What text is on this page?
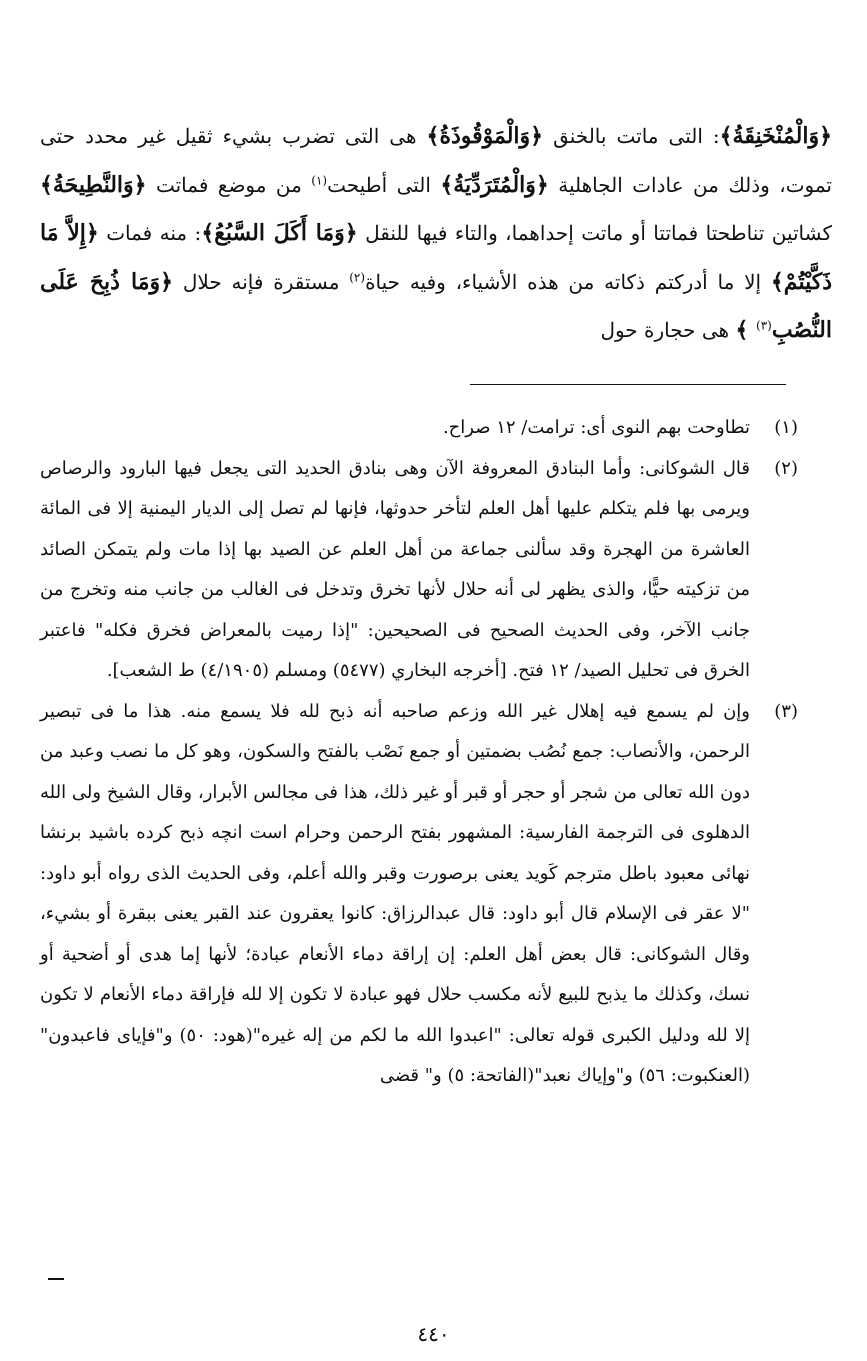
﴿وَالْمُنْخَنِقَةُ﴾: التى ماتت بالخنق ﴿وَالْمَوْقُوذَةُ﴾ هى التى تضرب بشيء ثقيل غير محدد حتى تموت، وذلك من عادات الجاهلية ﴿وَالْمُتَرَدِّيَةُ﴾ التى أطيحت$^{(١)}$ من موضع فماتت ﴿وَالنَّطِيحَةُ﴾ كشاتين تناطحتا فماتتا أو ماتت إحداهما، والتاء فيها للنقل ﴿وَمَا أَكَلَ السَّبُعُ﴾: منه فمات ﴿إِلاَّ مَا ذَكَّيْتُمْ﴾ إلا ما أدركتم ذكاته من هذه الأشياء، وفيه حياة$^{(٢)}$ مستقرة فإنه حلال ﴿وَمَا ذُبِحَ عَلَى النُّصُبِ$^{(٣)}$ ﴾ هى حجارة حول

(١)
تطاوحت بهم النوى أى: ترامت/ ١٢ صراح.
(٢)
قال الشوكانى: وأما البنادق المعروفة الآن وهى بنادق الحديد التى يجعل فيها البارود والرصاص ويرمى بها فلم يتكلم عليها أهل العلم لتأخر حدوثها، فإنها لم تصل إلى الديار اليمنية إلا فى المائة العاشرة من الهجرة وقد سألنى جماعة من أهل العلم عن الصيد بها إذا مات ولم يتمكن الصائد من تزكيته حيًّا، والذى يظهر لى أنه حلال لأنها تخرق وتدخل فى الغالب من جانب منه وتخرج من جانب الآخر، وفى الحديث الصحيح فى الصحيحين: "إذا رميت بالمعراض فخرق فكله" فاعتبر الخرق فى تحليل الصيد/ ١٢ فتح. [أخرجه البخاري (٥٤٧٧) ومسلم (٤/١٩٠٥) ط الشعب].
(٣)
وإن لم يسمع فيه إهلال غير الله وزعم صاحبه أنه ذبح لله فلا يسمع منه. هذا ما فى تبصير الرحمن، والأنصاب: جمع نُصُب بضمتين أو جمع نَصْب بالفتح والسكون، وهو كل ما نصب وعبد من دون الله تعالى من شجر أو حجر أو قبر أو غير ذلك، هذا فى مجالس الأبرار، وقال الشيخ ولى الله الدهلوى فى الترجمة الفارسية: المشهور بفتح الرحمن وحرام است انچه ذبح كرده باشيد برنشا نهائى معبود باطل مترجم كَويد يعنى برصورت وقبر والله أعلم، وفى الحديث الذى رواه أبو داود: "لا عقر فى الإسلام قال أبو داود: قال عبدالرزاق: كانوا يعقرون عند القبر يعنى ببقرة أو بشيء، وقال الشوكانى: قال بعض أهل العلم: إن إراقة دماء الأنعام عبادة؛ لأنها إما هدى أو أضحية أو نسك، وكذلك ما يذبح للبيع لأنه مكسب حلال فهو عبادة لا تكون إلا لله فإراقة دماء الأنعام لا تكون إلا لله ودليل الكبرى قوله تعالى: "اعبدوا الله ما لكم من إله غيره"(هود: ٥٠) و"فإياى فاعبدون"(العنكبوت: ٥٦) و"وإياك نعبد"(الفاتحة: ٥) و" قضى
٤٤٠
